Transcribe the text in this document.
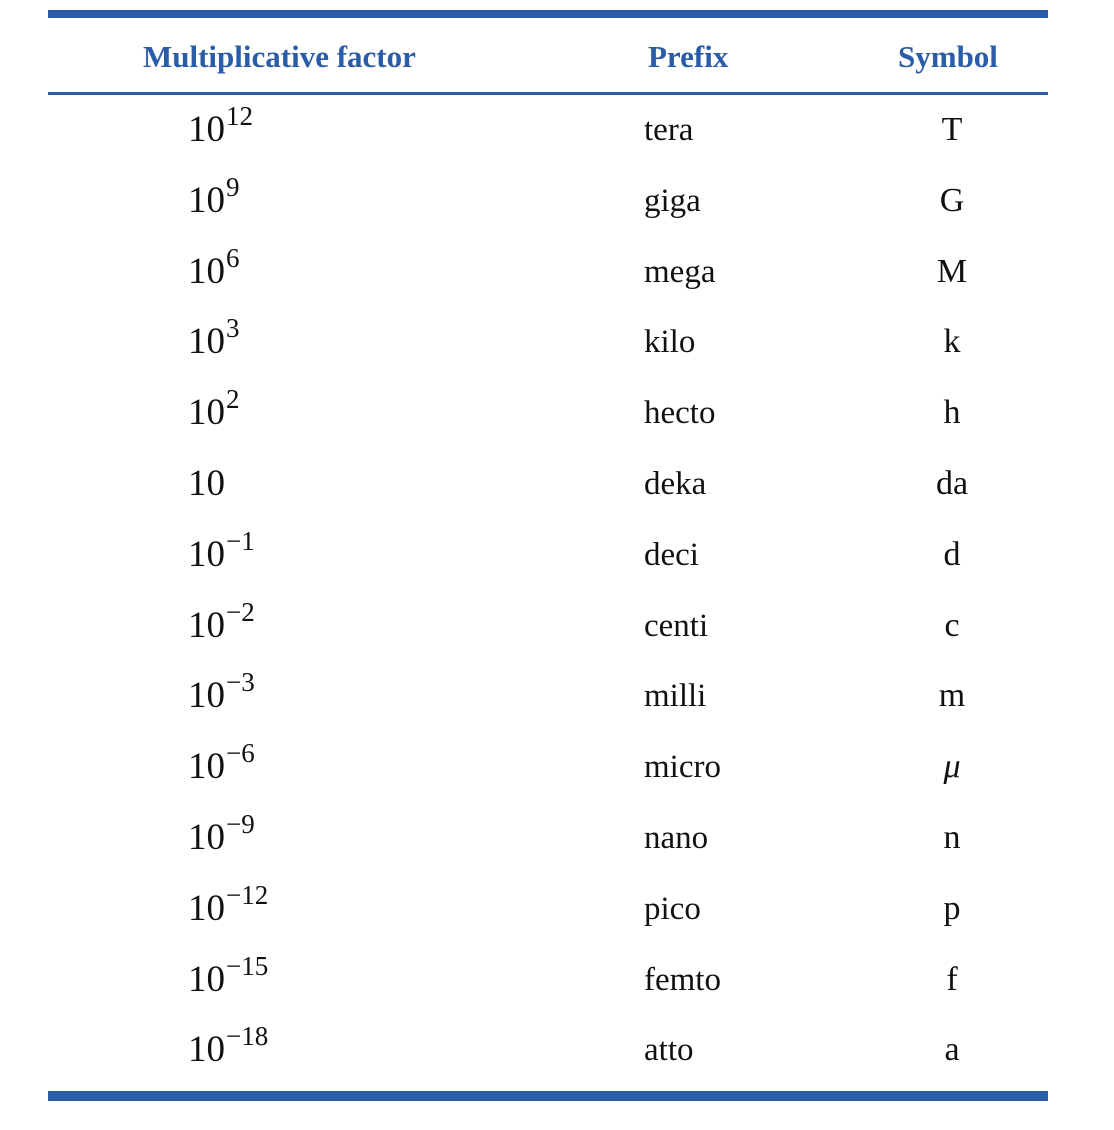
Multiplicative factor	Prefix	Symbol
$10^{12}$	tera	T
$10^9$	giga	G
$10^6$	mega	M
$10^3$	kilo	k
$10^2$	hecto	h
10	deka	da
$10^{-1}$	deci	d
$10^{-2}$	centi	c
$10^{-3}$	milli	m
$10^{-6}$	micro	μ
$10^{-9}$	nano	n
$10^{-12}$	pico	p
$10^{-15}$	femto	f
$10^{-18}$	atto	a
